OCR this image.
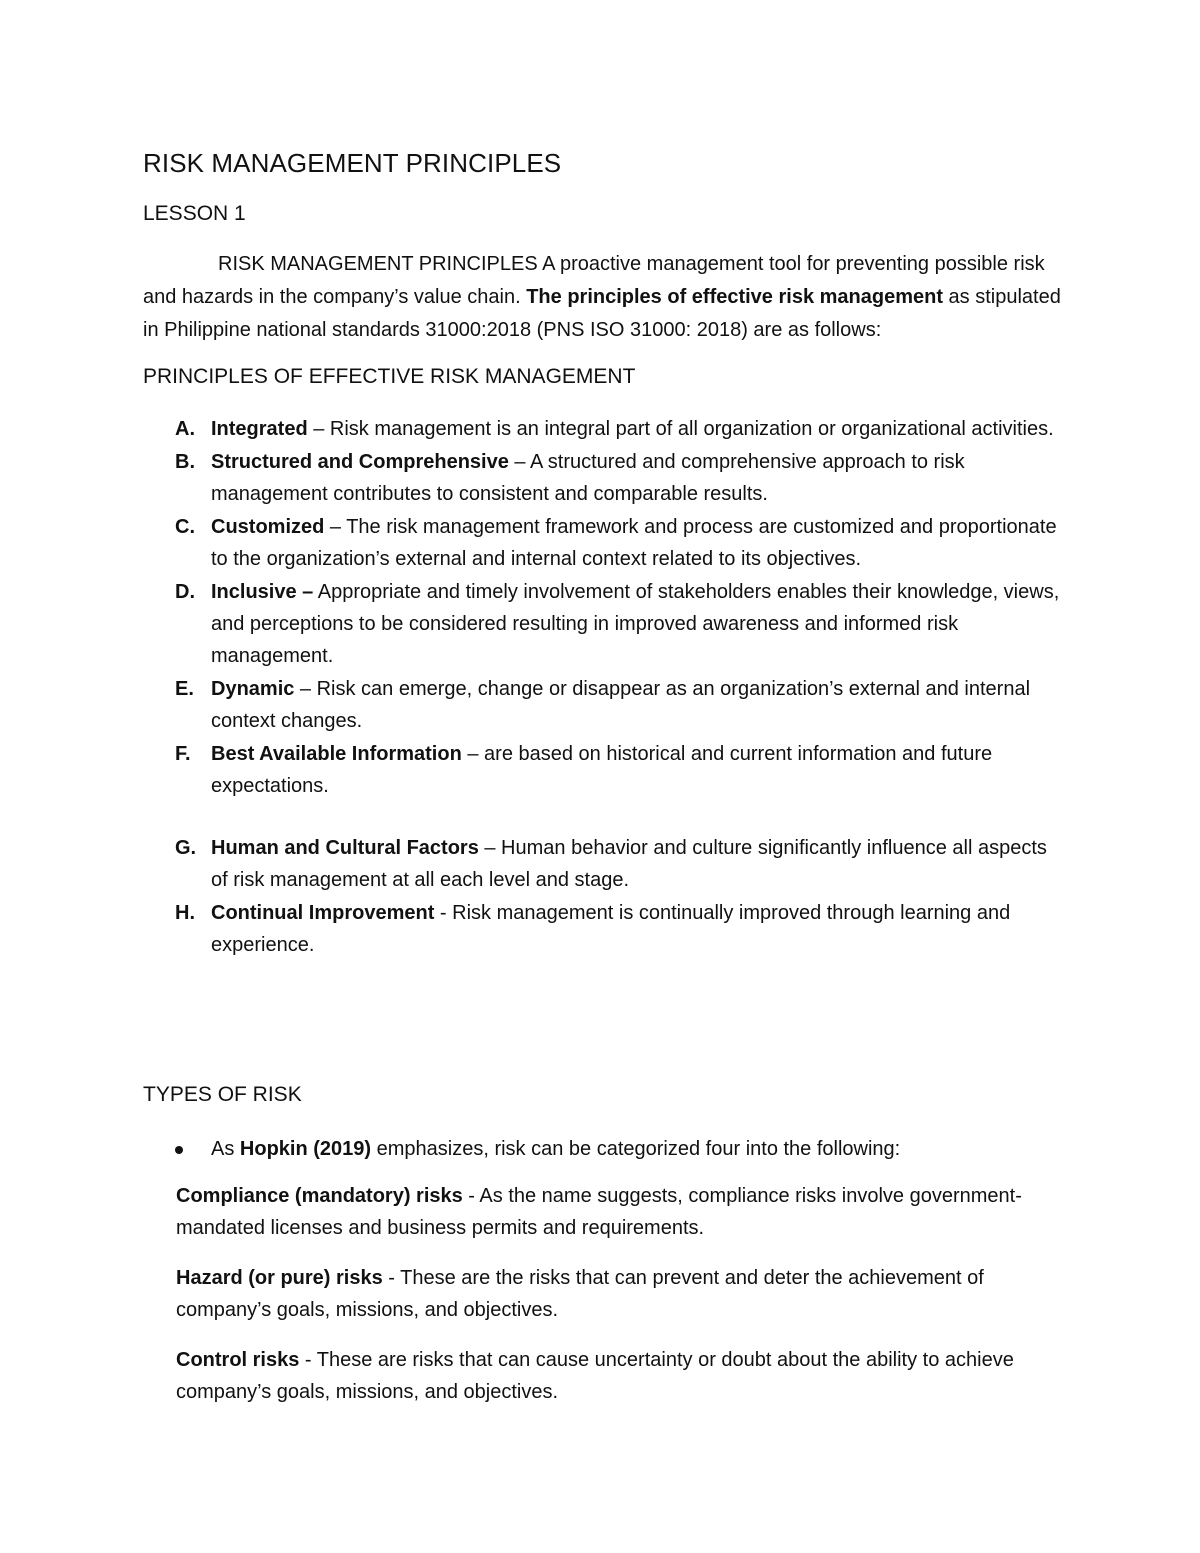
RISK MANAGEMENT PRINCIPLES
LESSON 1

RISK MANAGEMENT PRINCIPLES A proactive management tool for preventing possible risk and hazards in the company’s value chain. The principles of effective risk management as stipulated in Philippine national standards 31000:2018 (PNS ISO 31000: 2018) are as follows:

PRINCIPLES OF EFFECTIVE RISK MANAGEMENT
A. Integrated – Risk management is an integral part of all organization or organizational activities.
B. Structured and Comprehensive – A structured and comprehensive approach to risk management contributes to consistent and comparable results.
C. Customized – The risk management framework and process are customized and proportionate to the organization’s external and internal context related to its objectives.
D. Inclusive – Appropriate and timely involvement of stakeholders enables their knowledge, views, and perceptions to be considered resulting in improved awareness and informed risk management.
E. Dynamic – Risk can emerge, change or disappear as an organization’s external and internal context changes.
F. Best Available Information – are based on historical and current information and future expectations.
G. Human and Cultural Factors – Human behavior and culture significantly influence all aspects of risk management at all each level and stage.
H. Continual Improvement - Risk management is continually improved through learning and experience.
TYPES OF RISK
As Hopkin (2019) emphasizes, risk can be categorized four into the following:

Compliance (mandatory) risks - As the name suggests, compliance risks involve government-mandated licenses and business permits and requirements.

Hazard (or pure) risks - These are the risks that can prevent and deter the achievement of company’s goals, missions, and objectives.

Control risks - These are risks that can cause uncertainty or doubt about the ability to achieve company’s goals, missions, and objectives.
